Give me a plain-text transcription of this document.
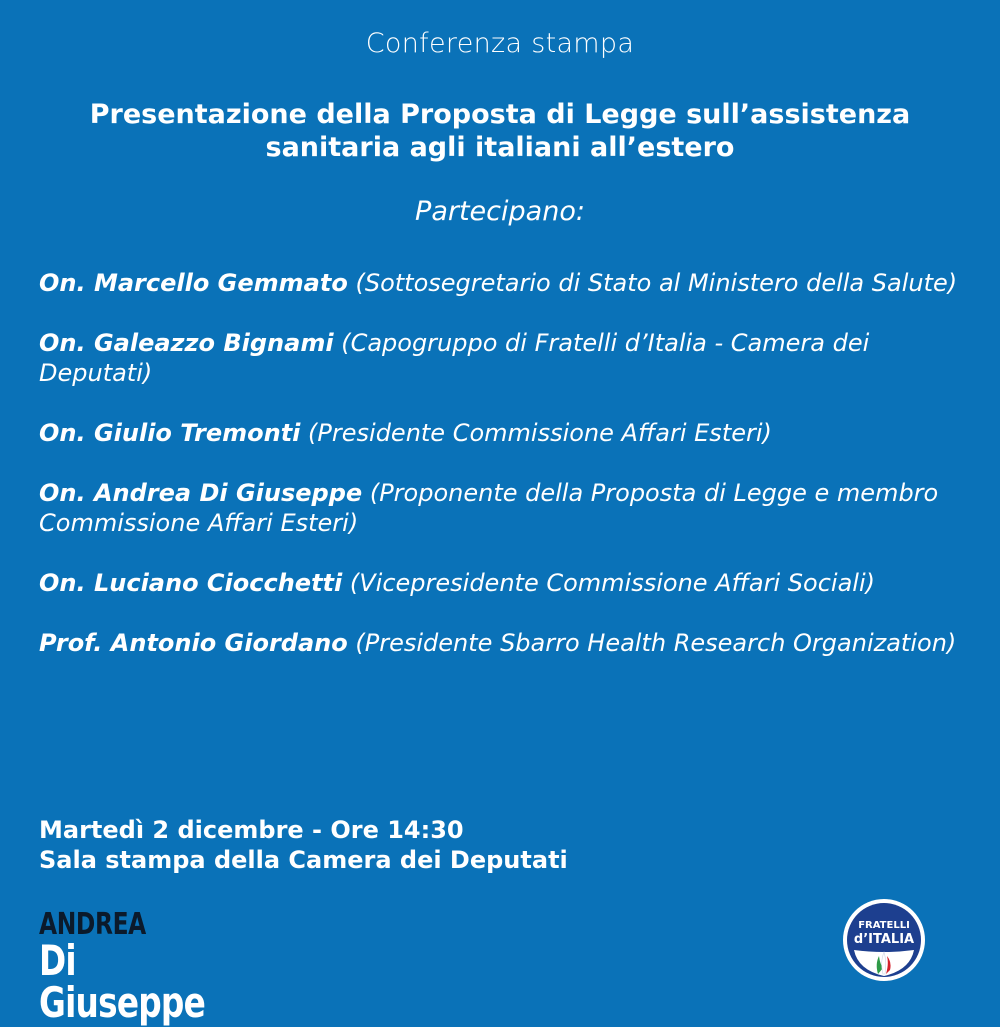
Conferenza stampa
Presentazione della Proposta di Legge sull’assistenza
sanitaria agli italiani all’estero
Partecipano:
On. Marcello Gemmato (Sottosegretario di Stato al Ministero della Salute)
On. Galeazzo Bignami (Capogruppo di Fratelli d’Italia - Camera dei Deputati)
On. Giulio Tremonti (Presidente Commissione Affari Esteri)
On. Andrea Di Giuseppe (Proponente della Proposta di Legge e membro Commissione Affari Esteri)
On. Luciano Ciocchetti (Vicepresidente Commissione Affari Sociali)
Prof. Antonio Giordano (Presidente Sbarro Health Research Organization)
Martedì 2 dicembre - Ore 14:30
Sala stampa della Camera dei Deputati
ANDREA
Di Giuseppe
FRATELLI
d’ITALIA
